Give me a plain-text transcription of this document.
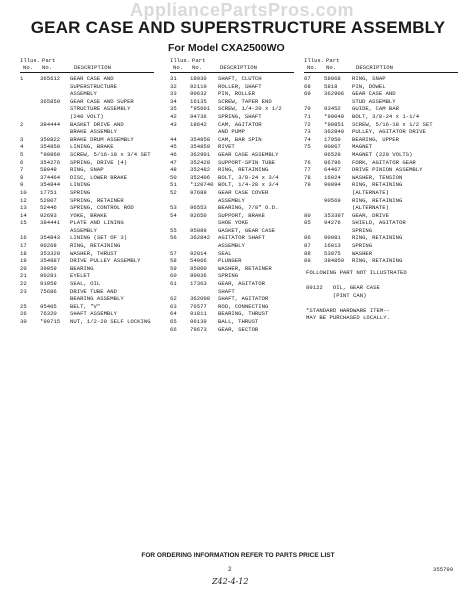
AppliancePartsPros.com
GEAR CASE AND SUPERSTRUCTURE ASSEMBLY
For Model CXA2500WO
Illus.
No.
Part
No.	DESCRIPTION
1	365612 GEAR CASE AND
SUPERSTRUCTURE
ASSEMBLY
365859 GEAR CASE AND SUPER
STRUCTURE ASSEMBLY
(240 VOLT)
2	384444 BASKET DRIVE AND
BRAKE ASSEMBLY
3	350822 BRAKE DRUM ASSEMBLY
4	354850 LINING, BRAKE
5	*90860 SCREW, 5/16-18 x 3/4 SET
6	354276 SPRING, DRIVE (4)
7	58049 RING, SNAP
8	374464 DISC, LOWER BRAKE
9	354844 LINING
10 17751 SPRING
12 52007 SPRING, RETAINER
13 52446 SPRING, CONTROL ROD
14 92693 YOKE, BRAKE
15 384441 PLATE AND LINING
ASSEMBLY
16 354843 LINING (SET OF 3)
17 90268 RING, RETAINING
18 353320 WASHER, THRUST
19 354887 DRIVE PULLEY ASSEMBLY
20 39059 BEARING
21 90281 EYELET
22 91959 SEAL, OIL
23 75686 DRIVE TUBE AND
BEARING ASSEMBLY
25 95405 BELT, "V"
26 76320 SHAFT ASSEMBLY
30 *90715 NUT, 1/2-20 SELF LOCKING
Illus.
No.
Part
No.	DESCRIPTION
31 18930 SHAFT, CLUTCH
32 92119 ROLLER, SHAFT
33 90632 PIN, ROLLER
34 16135 SCREW, TAPER END
35 *95601 SCREW, 1/4-20 x 1/2
42 94736 SPRING, SHAFT
43 18642 CAM, AGITATOR
AND PUMP
44 354858 CAM, BAR SPIN
45 354859 RIVET
46 362901 GEAR CASE ASSEMBLY
47 352428 SUPPORT-SPIN TUBE
48 352482 RING, RETAINING
50 352406 BOLT, 3/8-24 x 3/4
51 *120740 BOLT, 1/4-20 x 3/4
52 97689 GEAR CASE COVER
ASSEMBLY
53 96553 BEARING, 7/8" O.D.
54 92650 SUPPORT, BRAKE
SHOE YOKE
55 95089 GASKET, GEAR CASE
56 362842 AGITATOR SHAFT
ASSEMBLY
57 92814 SEAL
58 54066 PLUNGER
59 95060 WASHER, RETAINER
60 90036 SPRING
61 17363 GEAR, AGITATOR
SHAFT
62 362098 SHAFT, AGITATOR
63 76577 ROD, CONNECTING
64 91811 BEARING, THRUST
65 96139 BALL, THRUST
66 79673 GEAR, SECTOR
Illus.
No.
Part
No.	DESCRIPTION
67 58068 RING, SNAP
68 5818	PIN, DOWEL
69 362906 GEAR CASE AND
STUD ASSEMBLY
70 93452 GUIDE, CAM BAR
71 *90040 BOLT, 3/8-24 x 1-1/4
72 *90851 SCREW, 5/16-18 x 1/2 SET
73 362840 PULLEY, AGITATOR DRIVE
74 17050 BEARING, UPPER
75 90867 MAGNET
96529 MAGNET (220 VOLTS)
76 86796 FORK, AGITATOR GEAR
77 64467 DRIVE PINION ASSEMBLY
78 16024 WASHER, TENSION
79 90094 RING, RETAINING
(ALTERNATE)
90569 RING, RETAINING
(ALTERNATE)
80 353397 GEAR, DRIVE
85 94276 SHIELD, AGITATOR
SPRING
86 90081 RING, RETAINING
87 16013 SPRING
88 53075 WASHER
89 384859 RING, RETAINING
FOLLOWING PART NOT ILLUSTRATED

89122   OIL, GEAR CASE
(PINT CAN)

*STANDARD HARDWARE ITEM--
MAY BE PURCHASED LOCALLY.
FOR ORDERING INFORMATION REFER TO PARTS PRICE LIST
2	355799
Z42-4-12
